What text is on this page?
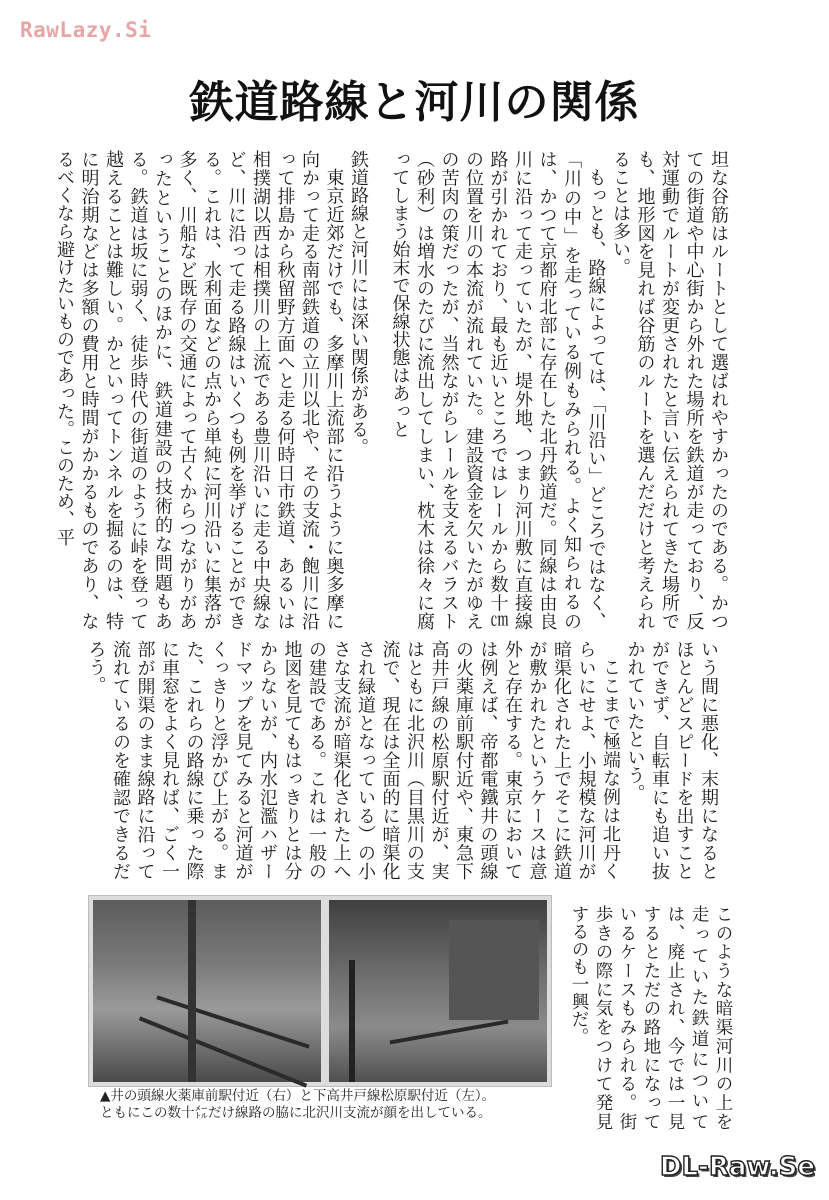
RawLazy.Si
鉄道路線と河川の関係

坦な谷筋はルートとして選ばれやすかったのである。かつての街道や中心街から外れた場所を鉄道が走っており、反対運動でルートが変更されたと言い伝えられてきた場所でも、地形図を見れば谷筋のルートを選んだだけと考えられることは多い。

もっとも、路線によっては、「川沿い」どころではなく、「川の中」を走っている例もみられる。よく知られるのは、かつて京都府北部に存在した北丹鉄道だ。同線は由良川に沿って走っていたが、堤外地、つまり河川敷に直接線路が引かれており、最も近いところではレールから数十㎝の位置を川の本流が流れていた。建設資金を欠いたがゆえの苦肉の策だったが、当然ながらレールを支えるバラスト（砂利）は増水のたびに流出してしまい、枕木は徐々に腐ってしまう始末で保線状態はあっと

鉄道路線と河川には深い関係がある。

東京近郊だけでも、多摩川上流部に沿うように奥多摩に向かって走る南部鉄道の立川以北や、その支流・飽川に沿って排島から秋留野方面へと走る何時日市鉄道、あるいは相撲湖以西は相撲川の上流である豊川沿いに走る中央線など、川に沿って走る路線はいくつも例を挙げることができる。これは、水利面などの点から単純に河川沿いに集落が多く、川船など既存の交通によって古くからつながりがあったということのほかに、鉄道建設の技術的な問題もある。鉄道は坂に弱く、徒歩時代の街道のように峠を登って越えることは難しい。かといってトンネルを掘るのは、特に明治期などは多額の費用と時間がかかるものであり、なるべくなら避けたいものであった。このため、平

いう間に悪化、末期になるとほとんどスピードを出すことができず、自転車にも追い抜かれていたという。

ここまで極端な例は北丹くらいにせよ、小規模な河川が暗渠化された上でそこに鉄道が敷かれたというケースは意外と存在する。東京においては例えば、帝都電鐵井の頭線の火薬庫前駅付近や、東急下高井戸線の松原駅付近が、実はともに北沢川（目黒川の支流で、現在は全面的に暗渠化され緑道となっている）の小さな支流が暗渠化された上への建設である。これは一般の地図を見てもはっきりとは分からないが、内水氾濫ハザードマップを見てみると河道がくっきりと浮かび上がる。また、これらの路線に乗った際に車窓をよく見れば、ごく一部が開渠のまま線路に沿って流れているのを確認できるだろう。

▲井の頭線火薬庫前駅付近（右）と下高井戸線松原駅付近（左）。
ともにこの数十㍍だけ線路の脇に北沢川支流が顔を出している。	このような暗渠河川の上を走っていた鉄道については、廃止され、今では一見するとただの路地になっているケースもみられる。街歩きの際に気をつけて発見するのも一興だ。

DL-Raw.Se
